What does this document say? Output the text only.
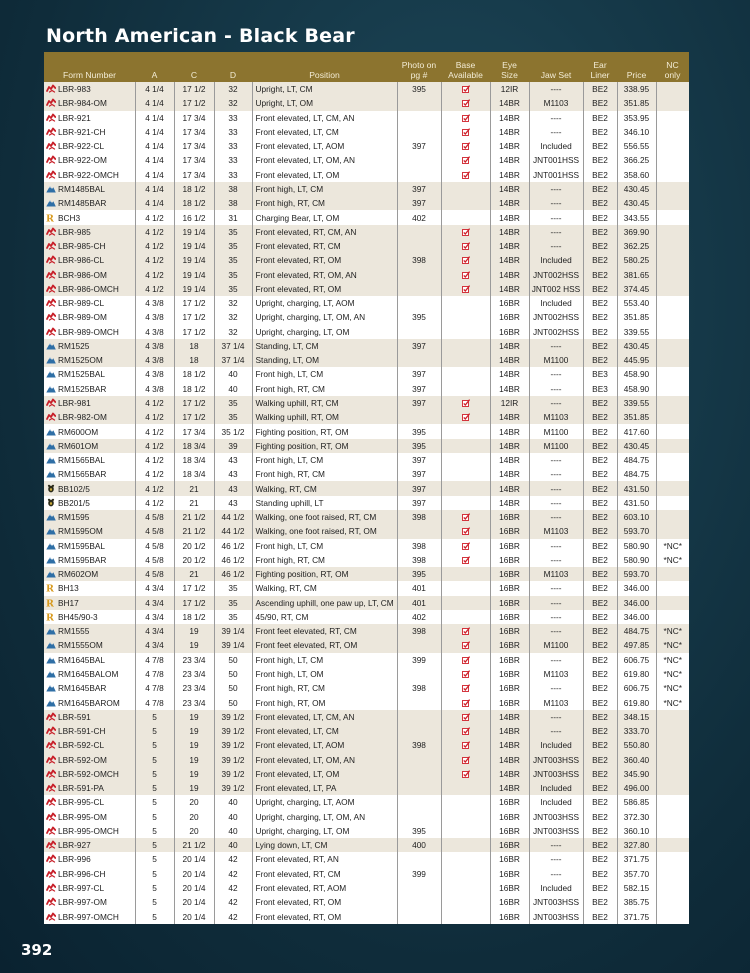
North American - Black Bear
Form Number	A	C	D	Position	Photo on
pg #	Base
Available	Eye
Size	Jaw Set	Ear
Liner	Price	NC
only
LBR-983	4 1/4	17 1/2	32	Upright, LT, CM	395		12IR	----	BE2	338.95	
LBR-984-OM	4 1/4	17 1/2	32	Upright, LT, OM			14BR	M1103	BE2	351.85	
LBR-921	4 1/4	17 3/4	33	Front elevated, LT, CM, AN			14BR	----	BE2	353.95	
LBR-921-CH	4 1/4	17 3/4	33	Front elevated, LT, CM			14BR	----	BE2	346.10	
LBR-922-CL	4 1/4	17 3/4	33	Front elevated, LT, AOM	397		14BR	Included	BE2	556.55	
LBR-922-OM	4 1/4	17 3/4	33	Front elevated, LT, OM, AN			14BR	JNT001HSS	BE2	366.25	
LBR-922-OMCH	4 1/4	17 3/4	33	Front elevated, LT, OM			14BR	JNT001HSS	BE2	358.60	
RM1485BAL	4 1/4	18 1/2	38	Front high, LT, CM	397		14BR	----	BE2	430.45	
RM1485BAR	4 1/4	18 1/2	38	Front high, RT, CM	397		14BR	----	BE2	430.45	

R BCH3	4 1/2	16 1/2	31	Charging Bear, LT, OM	402		14BR	----	BE2	343.55	
LBR-985	4 1/2	19 1/4	35	Front elevated, RT, CM, AN			14BR	----	BE2	369.90	
LBR-985-CH	4 1/2	19 1/4	35	Front elevated, RT, CM			14BR	----	BE2	362.25	
LBR-986-CL	4 1/2	19 1/4	35	Front elevated, RT, OM	398		14BR	Included	BE2	580.25	
LBR-986-OM	4 1/2	19 1/4	35	Front elevated, RT, OM, AN			14BR	JNT002HSS	BE2	381.65	
LBR-986-OMCH	4 1/2	19 1/4	35	Front elevated, RT, OM			14BR	JNT002 HSS	BE2	374.45	
LBR-989-CL	4 3/8	17 1/2	32	Upright, charging, LT, AOM			16BR	Included	BE2	553.40	
LBR-989-OM	4 3/8	17 1/2	32	Upright, charging, LT, OM, AN	395		16BR	JNT002HSS	BE2	351.85	
LBR-989-OMCH	4 3/8	17 1/2	32	Upright, charging, LT, OM			16BR	JNT002HSS	BE2	339.55	
RM1525	4 3/8	18	37 1/4	Standing, LT, CM	397		14BR	----	BE2	430.45	
RM1525OM	4 3/8	18	37 1/4	Standing, LT, OM			14BR	M1100	BE2	445.95	
RM1525BAL	4 3/8	18 1/2	40	Front high, LT, CM	397		14BR	----	BE3	458.90	
RM1525BAR	4 3/8	18 1/2	40	Front high, RT, CM	397		14BR	----	BE3	458.90	
LBR-981	4 1/2	17 1/2	35	Walking uphill, RT, CM	397		12IR	----	BE2	339.55	
LBR-982-OM	4 1/2	17 1/2	35	Walking uphill, RT, OM			14BR	M1103	BE2	351.85	
RM600OM	4 1/2	17 3/4	35 1/2	Fighting position, RT, OM	395		14BR	M1100	BE2	417.60	
RM601OM	4 1/2	18 3/4	39	Fighting position, RT, OM	395		14BR	M1100	BE2	430.45	
RM1565BAL	4 1/2	18 3/4	43	Front high, LT, CM	397		14BR	----	BE2	484.75	
RM1565BAR	4 1/2	18 3/4	43	Front high, RT, CM	397		14BR	----	BE2	484.75	
BB102/5	4 1/2	21	43	Walking, RT, CM	397		14BR	----	BE2	431.50	
BB201/5	4 1/2	21	43	Standing uphill, LT	397		14BR	----	BE2	431.50	
RM1595	4 5/8	21 1/2	44 1/2	Walking, one foot raised, RT, CM	398		16BR	----	BE2	603.10	
RM1595OM	4 5/8	21 1/2	44 1/2	Walking, one foot raised, RT, OM			16BR	M1103	BE2	593.70	
RM1595BAL	4 5/8	20 1/2	46 1/2	Front high, LT, CM	398		16BR	----	BE2	580.90	*NC*
RM1595BAR	4 5/8	20 1/2	46 1/2	Front high, RT, CM	398		16BR	----	BE2	580.90	*NC*
RM602OM	4 5/8	21	46 1/2	Fighting position, RT, OM	395		16BR	M1103	BE2	593.70	

R BH13	4 3/4	17 1/2	35	Walking, RT, CM	401		16BR	----	BE2	346.00	

R BH17	4 3/4	17 1/2	35	Ascending uphill, one paw up, LT, CM	401		16BR	----	BE2	346.00	

R BH45/90-3	4 3/4	18 1/2	35	45/90, RT, CM	402		16BR	----	BE2	346.00	
RM1555	4 3/4	19	39 1/4	Front feet elevated, RT, CM	398		16BR	----	BE2	484.75	*NC*
RM1555OM	4 3/4	19	39 1/4	Front feet elevated, RT, OM			16BR	M1100	BE2	497.85	*NC*
RM1645BAL	4 7/8	23 3/4	50	Front high, LT, CM	399		16BR	----	BE2	606.75	*NC*
RM1645BALOM	4 7/8	23 3/4	50	Front high, LT, OM			16BR	M1103	BE2	619.80	*NC*
RM1645BAR	4 7/8	23 3/4	50	Front high, RT, CM	398		16BR	----	BE2	606.75	*NC*
RM1645BAROM	4 7/8	23 3/4	50	Front high, RT, OM			16BR	M1103	BE2	619.80	*NC*
LBR-591	5	19	39 1/2	Front elevated, LT, CM, AN			14BR	----	BE2	348.15	
LBR-591-CH	5	19	39 1/2	Front elevated, LT, CM			14BR	----	BE2	333.70	
LBR-592-CL	5	19	39 1/2	Front elevated, LT, AOM	398		14BR	Included	BE2	550.80	
LBR-592-OM	5	19	39 1/2	Front elevated, LT, OM, AN			14BR	JNT003HSS	BE2	360.40	
LBR-592-OMCH	5	19	39 1/2	Front elevated, LT, OM			14BR	JNT003HSS	BE2	345.90	
LBR-591-PA	5	19	39 1/2	Front elevated, LT, PA			14BR	Included	BE2	496.00	
LBR-995-CL	5	20	40	Upright, charging, LT, AOM			16BR	Included	BE2	586.85	
LBR-995-OM	5	20	40	Upright, charging, LT, OM, AN			16BR	JNT003HSS	BE2	372.30	
LBR-995-OMCH	5	20	40	Upright, charging, LT, OM	395		16BR	JNT003HSS	BE2	360.10	
LBR-927	5	21 1/2	40	Lying down, LT, CM	400		16BR	----	BE2	327.80	
LBR-996	5	20 1/4	42	Front elevated, RT, AN			16BR	----	BE2	371.75	
LBR-996-CH	5	20 1/4	42	Front elevated, RT, CM	399		16BR	----	BE2	357.70	
LBR-997-CL	5	20 1/4	42	Front elevated, RT, AOM			16BR	Included	BE2	582.15	
LBR-997-OM	5	20 1/4	42	Front elevated, RT, OM			16BR	JNT003HSS	BE2	385.75	
LBR-997-OMCH	5	20 1/4	42	Front elevated, RT, OM			16BR	JNT003HSS	BE2	371.75	
392
